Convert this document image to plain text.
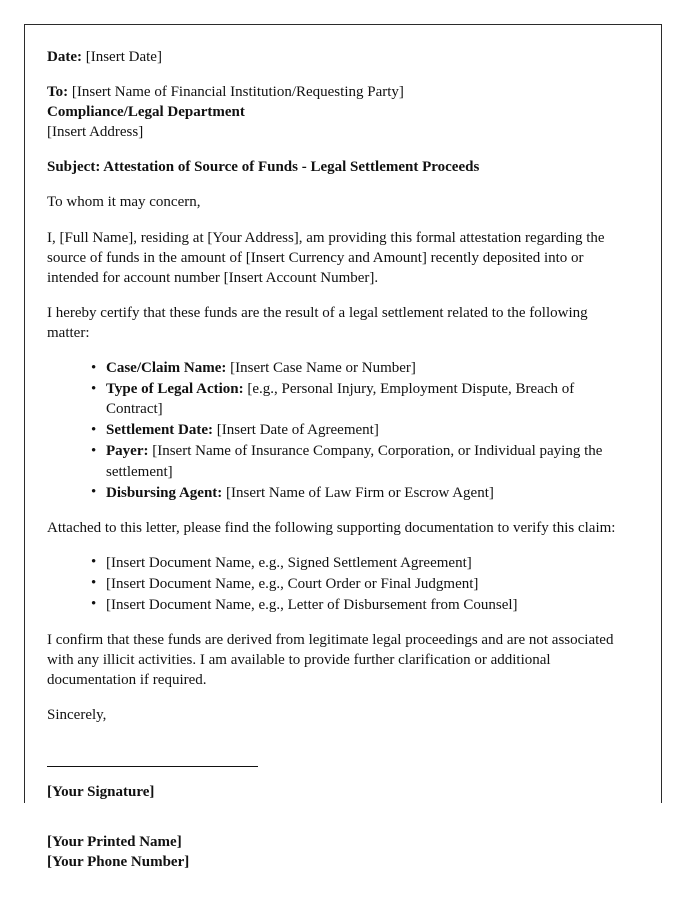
Date: [Insert Date]

To: [Insert Name of Financial Institution/Requesting Party]

Compliance/Legal Department

[Insert Address]

Subject: Attestation of Source of Funds - Legal Settlement Proceeds

To whom it may concern,

I, [Full Name], residing at [Your Address], am providing this formal attestation regarding the source of funds in the amount of [Insert Currency and Amount] recently deposited into or intended for account number [Insert Account Number].

I hereby certify that these funds are the result of a legal settlement related to the following matter:

• Case/Claim Name: [Insert Case Name or Number]
• Type of Legal Action: [e.g., Personal Injury, Employment Dispute, Breach of Contract]
• Settlement Date: [Insert Date of Agreement]
• Payer: [Insert Name of Insurance Company, Corporation, or Individual paying the settlement]
• Disbursing Agent: [Insert Name of Law Firm or Escrow Agent]

Attached to this letter, please find the following supporting documentation to verify this claim:

• [Insert Document Name, e.g., Signed Settlement Agreement]
• [Insert Document Name, e.g., Court Order or Final Judgment]
• [Insert Document Name, e.g., Letter of Disbursement from Counsel]

I confirm that these funds are derived from legitimate legal proceedings and are not associated with any illicit activities. I am available to provide further clarification or additional documentation if required.

Sincerely,

[Your Signature]

[Your Printed Name]

[Your Phone Number]
